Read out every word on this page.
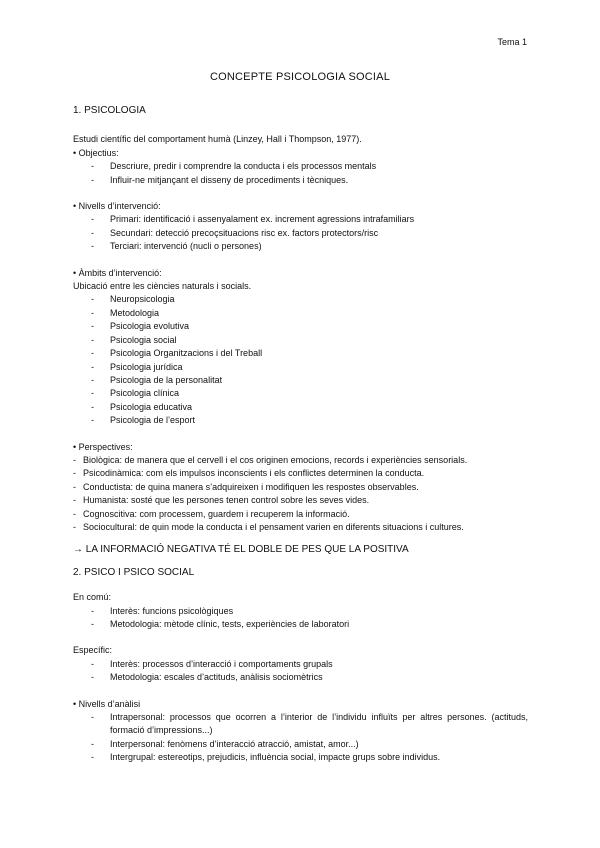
Tema 1
CONCEPTE PSICOLOGIA SOCIAL
1. PSICOLOGIA

Estudi científic del comportament humà (Linzey, Hall i Thompson, 1977).

• Objectius:

- Descriure, predir i comprendre la conducta i els processos mentals
- Influir-ne mitjançant el disseny de procediments i tècniques.

• Nivells d’intervenció:

- Primari: identificació i assenyalament ex. increment agressions intrafamiliars
- Secundari: detecció precoçsituacions risc ex. factors protectors/risc
- Terciari: intervenció (nucli o persones)

• Àmbits d’intervenció:

Ubicació entre les ciències naturals i socials.

- Neuropsicologia
- Metodologia
- Psicologia evolutiva
- Psicologia social
- Psicologia Organitzacions i del Treball
- Psicologia jurídica
- Psicologia de la personalitat
- Psicologia clínica
- Psicologia educativa
- Psicologia de l’esport

• Perspectives:

- Biològica: de manera que el cervell i el cos originen emocions, records i experiències sensorials.
- Psicodinàmica: com els impulsos inconscients i els conflictes determinen la conducta.
- Conductista: de quina manera s’adquireixen i modifiquen les respostes observables.
- Humanista: sosté que les persones tenen control sobre les seves vides.
- Cognoscitiva: com processem, guardem i recuperem la informació.
- Sociocultural: de quin mode la conducta i el pensament varien en diferents situacions i cultures.

→ LA INFORMACIÓ NEGATIVA TÉ EL DOBLE DE PES QUE LA POSITIVA

2. PSICO I PSICO SOCIAL

En comú:

- Interès: funcions psicològiques
- Metodologia: mètode clínic, tests, experiències de laboratori

Específic:

- Interès: processos d’interacció i comportaments grupals
- Metodologia: escales d’actituds, anàlisis sociomètrics

• Nivells d’anàlisi

- Intrapersonal: processos que ocorren a l’interior de l’individu influïts per altres persones. (actituds, formació d’impressions...)
- Interpersonal: fenòmens d’interacció atracció, amistat, amor...)
- Intergrupal: estereotips, prejudicis, influència social, impacte grups sobre individus.
